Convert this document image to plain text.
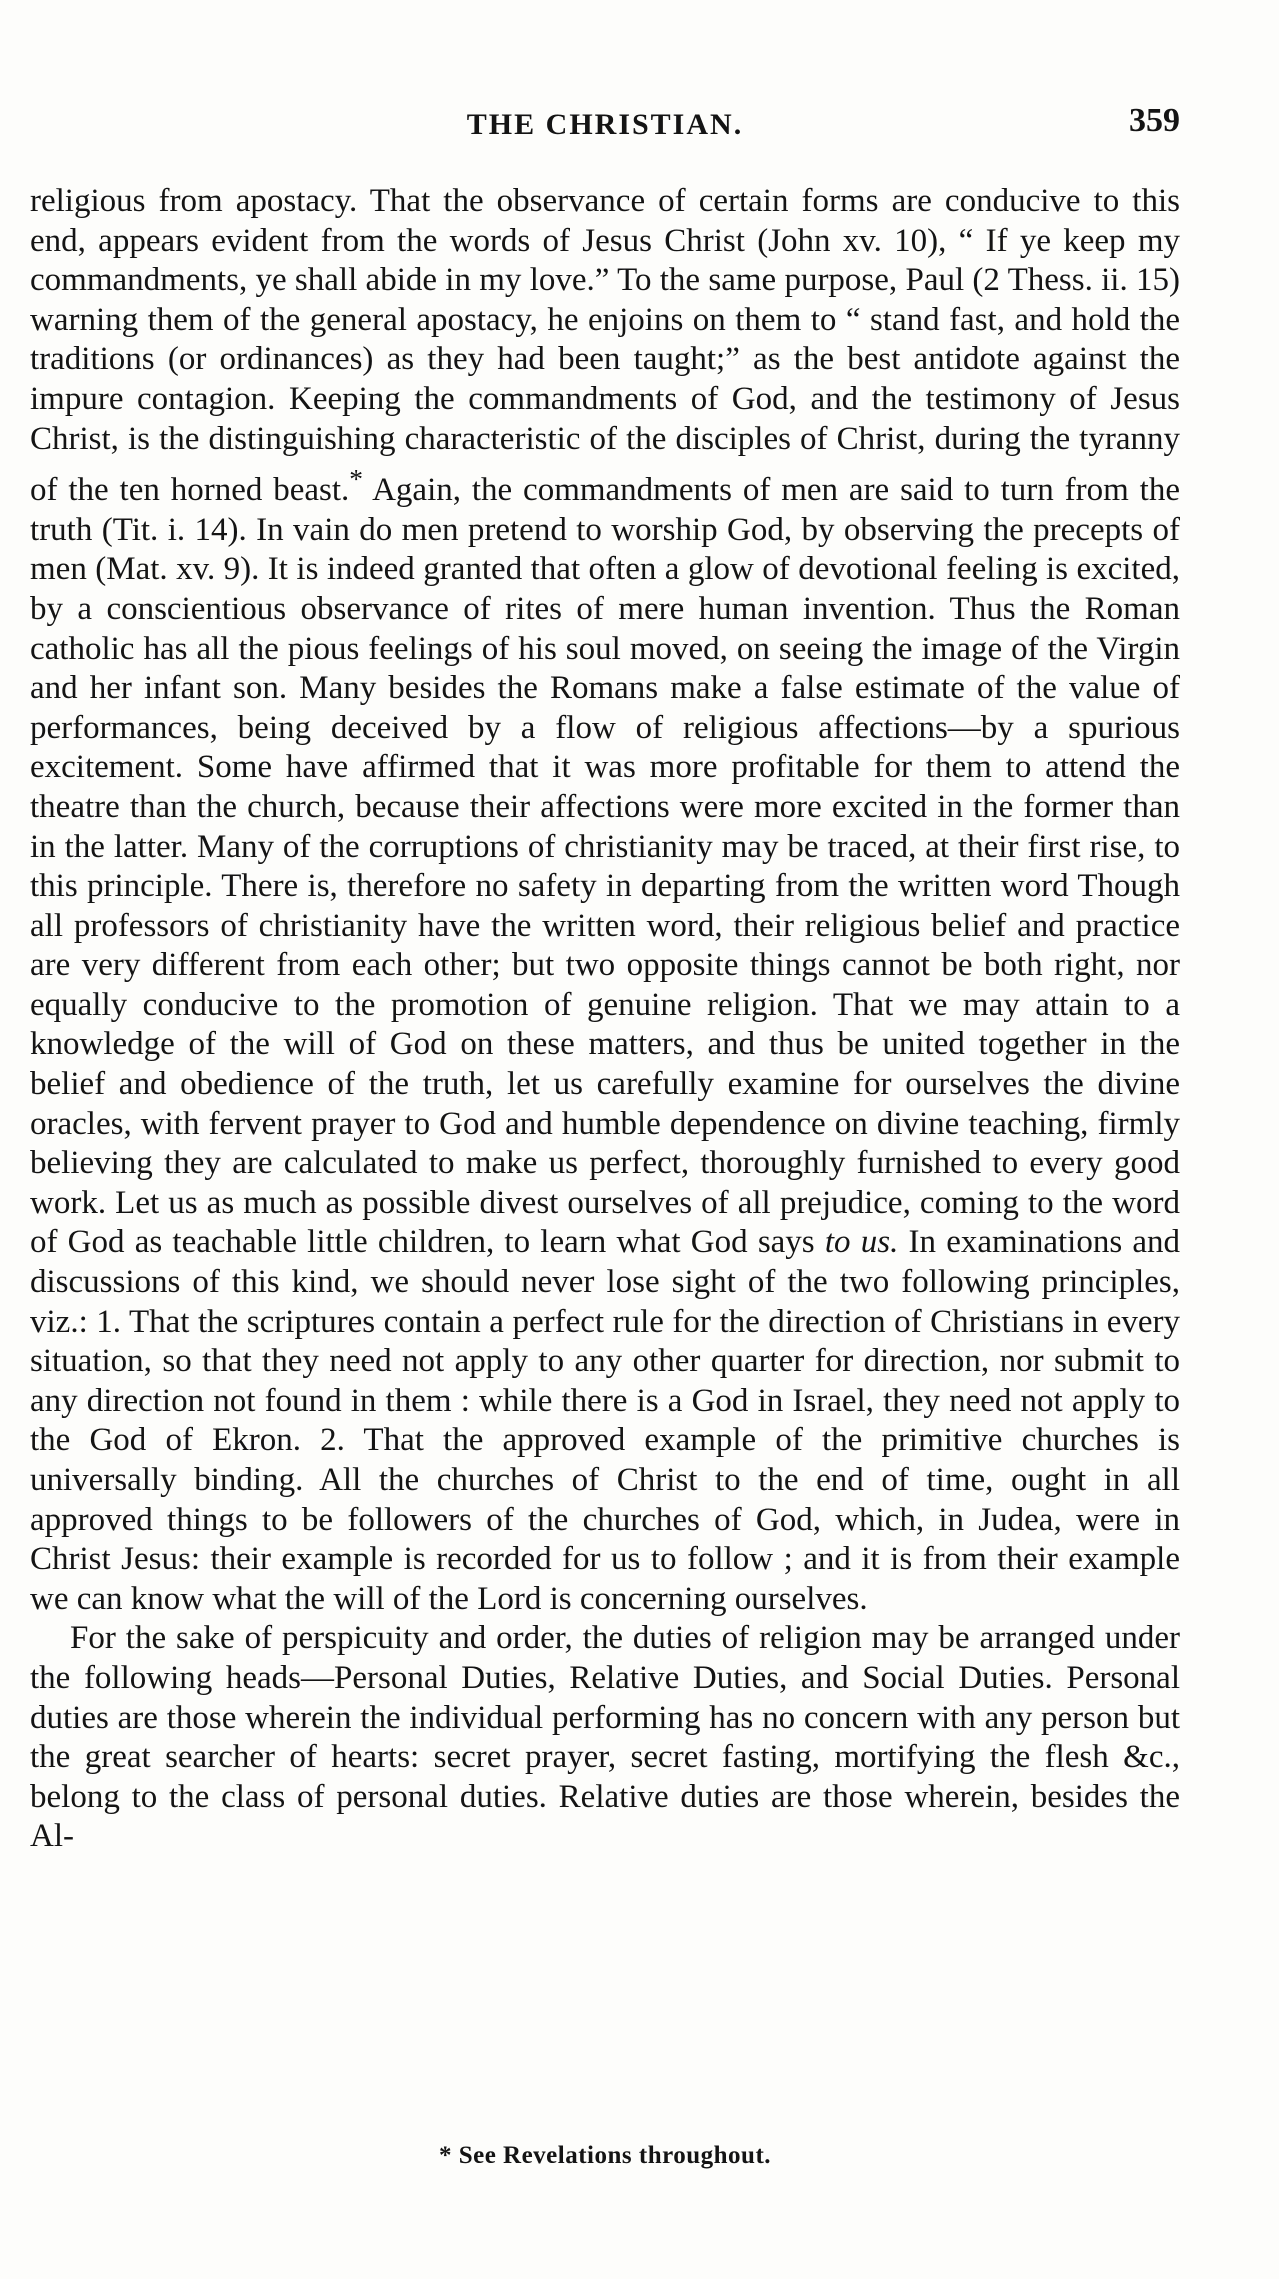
THE CHRISTIAN.	359

religious from apostacy. That the observance of certain forms are conducive to this end, appears evident from the words of Jesus Christ (John xv. 10), “ If ye keep my commandments, ye shall abide in my love.” To the same purpose, Paul (2 Thess. ii. 15) warning them of the general apostacy, he enjoins on them to “ stand fast, and hold the traditions (or ordinances) as they had been taught;” as the best antidote against the impure contagion. Keeping the commandments of God, and the testimony of Jesus Christ, is the distinguishing characteristic of the disciples of Christ, during the tyranny of the ten horned beast.* Again, the commandments of men are said to turn from the truth (Tit. i. 14). In vain do men pretend to worship God, by observing the precepts of men (Mat. xv. 9). It is indeed granted that often a glow of devotional feeling is excited, by a conscientious observance of rites of mere human invention. Thus the Roman catholic has all the pious feelings of his soul moved, on seeing the image of the Virgin and her infant son. Many besides the Romans make a false estimate of the value of performances, being deceived by a flow of religious affections—by a spurious excitement. Some have affirmed that it was more profitable for them to attend the theatre than the church, because their affections were more excited in the former than in the latter. Many of the corruptions of christianity may be traced, at their first rise, to this principle. There is, therefore no safety in departing from the written word Though all professors of christianity have the written word, their religious belief and practice are very different from each other; but two opposite things cannot be both right, nor equally conducive to the promotion of genuine religion. That we may attain to a knowledge of the will of God on these matters, and thus be united together in the belief and obedience of the truth, let us carefully examine for ourselves the divine oracles, with fervent prayer to God and humble dependence on divine teaching, firmly believing they are calculated to make us perfect, thoroughly furnished to every good work. Let us as much as possible divest ourselves of all prejudice, coming to the word of God as teachable little children, to learn what God says to us. In examinations and discussions of this kind, we should never lose sight of the two following principles, viz.: 1. That the scriptures contain a perfect rule for the direction of Christians in every situation, so that they need not apply to any other quarter for direction, nor submit to any direction not found in them : while there is a God in Israel, they need not apply to the God of Ekron. 2. That the approved example of the primitive churches is universally binding. All the churches of Christ to the end of time, ought in all approved things to be followers of the churches of God, which, in Judea, were in Christ Jesus: their example is recorded for us to follow ; and it is from their example we can know what the will of the Lord is concerning ourselves.

For the sake of perspicuity and order, the duties of religion may be arranged under the following heads—Personal Duties, Relative Duties, and Social Duties. Personal duties are those wherein the individual performing has no concern with any person but the great searcher of hearts: secret prayer, secret fasting, mortifying the flesh &c., belong to the class of personal duties. Relative duties are those wherein, besides the Al-

* See Revelations throughout.
